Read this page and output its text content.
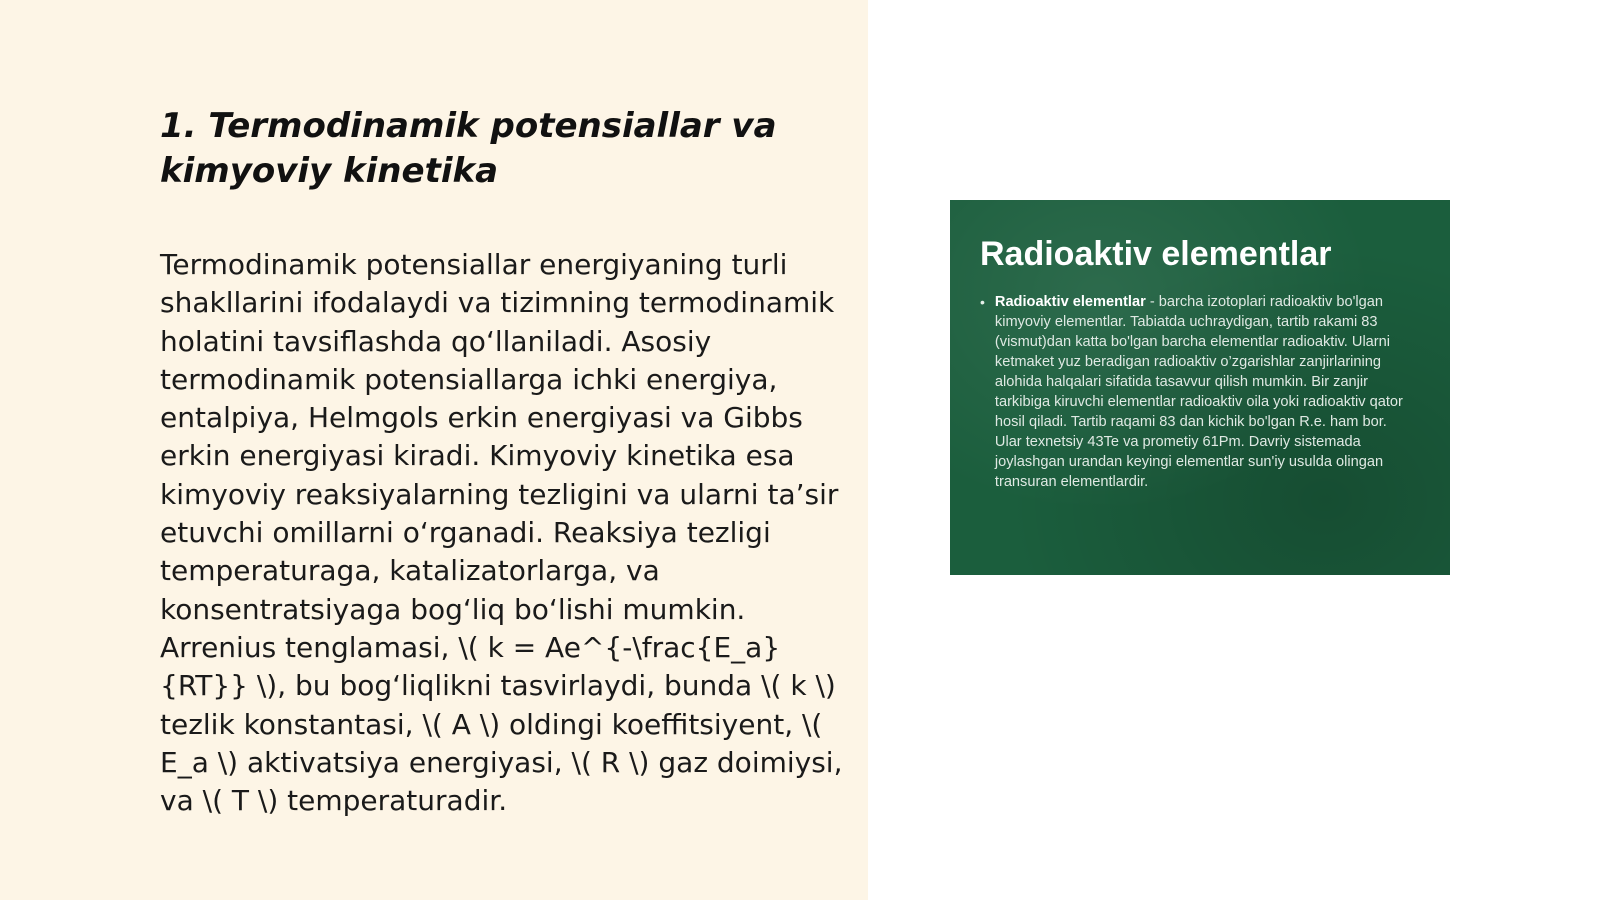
1. Termodinamik potensiallar va kimyoviy kinetika

Termodinamik potensiallar energiyaning turli shakllarini ifodalaydi va tizimning termodinamik holatini tavsiflashda qo‘llaniladi. Asosiy termodinamik potensiallarga ichki energiya, entalpiya, Helmgols erkin energiyasi va Gibbs erkin energiyasi kiradi. Kimyoviy kinetika esa kimyoviy reaksiyalarning tezligini va ularni ta’sir etuvchi omillarni o‘rganadi. Reaksiya tezligi temperaturaga, katalizatorlarga, va konsentratsiyaga bog‘liq bo‘lishi mumkin. Arrenius tenglamasi, \( k = Ae^{-\frac{E_a}{RT}} \), bu bog‘liqlikni tasvirlaydi, bunda \( k \) tezlik konstantasi, \( A \) oldingi koeffitsiyent, \( E_a \) aktivatsiya energiyasi, \( R \) gaz doimiysi, va \( T \) temperaturadir.

Radioaktiv elementlar
• Radioaktiv elementlar - barcha izotoplari radioaktiv bo'lgan kimyoviy elementlar. Tabiatda uchraydigan, tartib rakami 83 (vismut)dan katta bo'lgan barcha elementlar radioaktiv. Ularni ketmaket yuz beradigan radioaktiv o’zgarishlar zanjirlarining alohida halqalari sifatida tasavvur qilish mumkin. Bir zanjir tarkibiga kiruvchi elementlar radioaktiv oila yoki radioaktiv qator hosil qiladi. Tartib raqami 83 dan kichik bo'lgan R.e. ham bor. Ular texnetsiy 43Te va prometiy 61Pm. Davriy sistemada joylashgan urandan keyingi elementlar sun'iy usulda olingan transuran elementlardir.
